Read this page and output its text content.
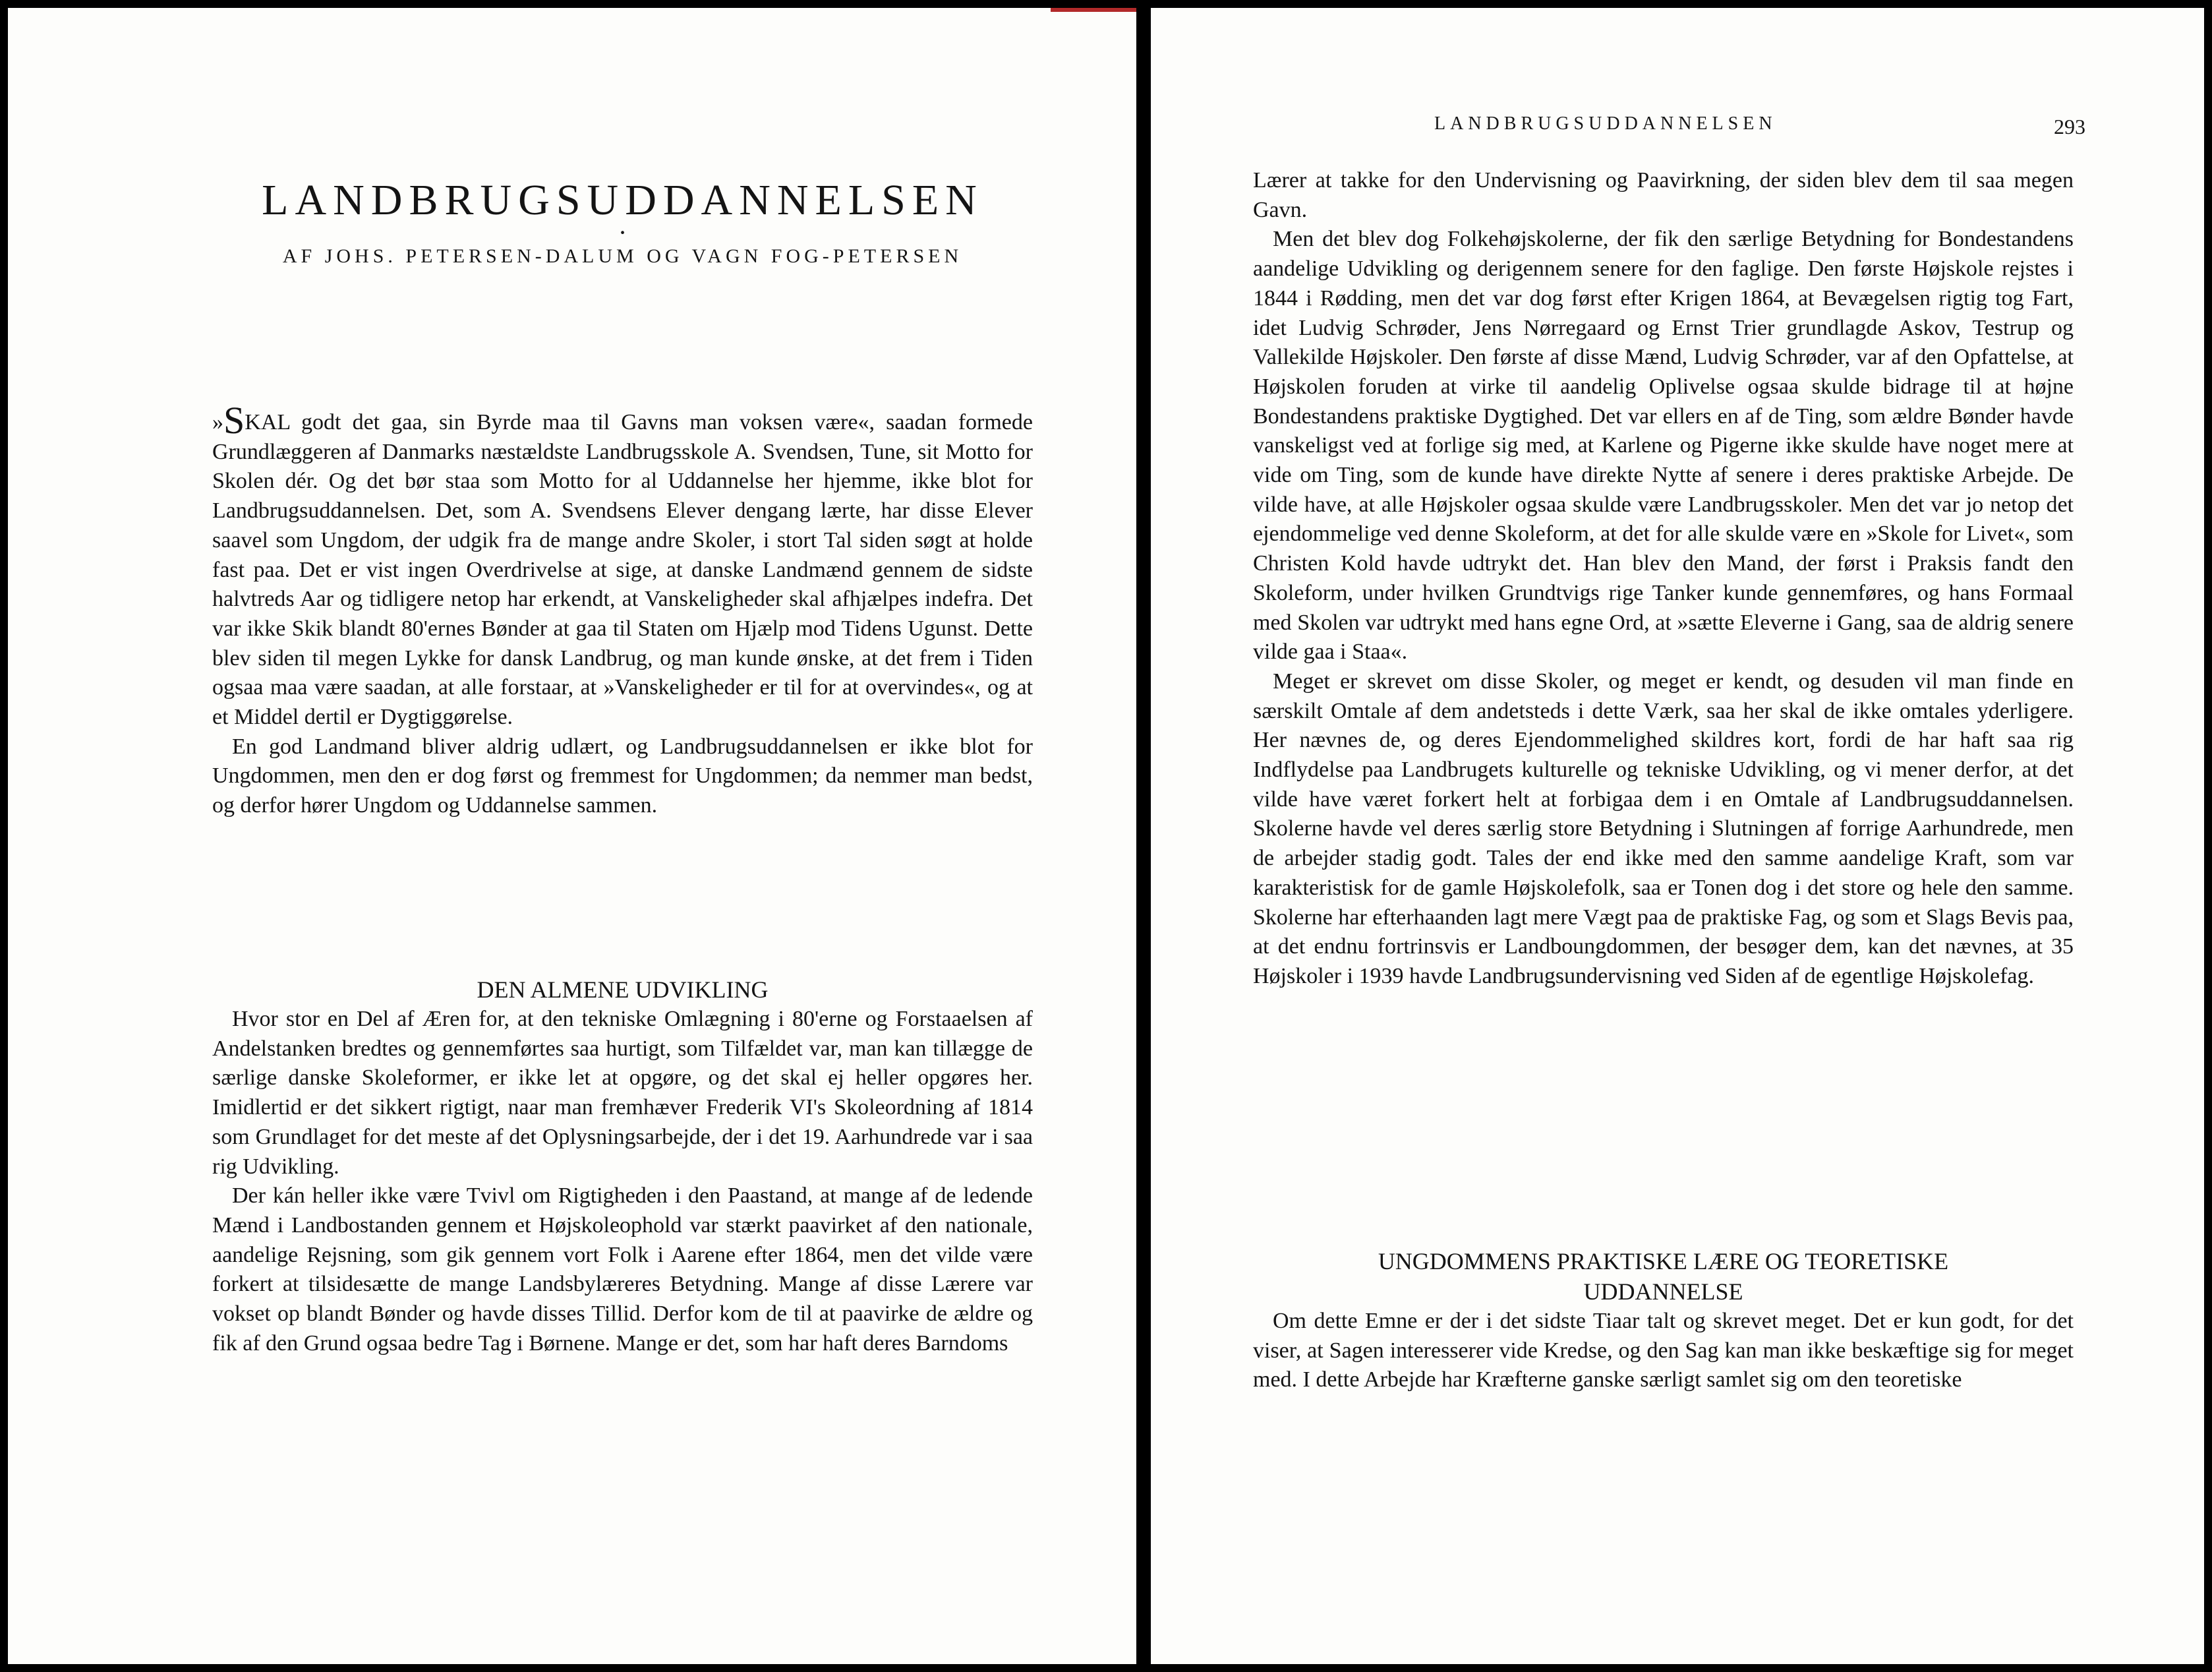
LANDBRUGSUDDANNELSEN
·
AF JOHS. PETERSEN-DALUM OG VAGN FOG-PETERSEN

»SKAL godt det gaa, sin Byrde maa til Gavns man voksen være«, saadan formede Grundlæggeren af Danmarks næstældste Landbrugsskole A. Svendsen, Tune, sit Motto for Skolen dér. Og det bør staa som Motto for al Uddannelse her hjemme, ikke blot for Landbrugsuddannelsen. Det, som A. Svendsens Elever dengang lærte, har disse Elever saavel som Ungdom, der udgik fra de mange andre Skoler, i stort Tal siden søgt at holde fast paa. Det er vist ingen Overdrivelse at sige, at danske Landmænd gennem de sidste halvtreds Aar og tidligere netop har erkendt, at Vanskeligheder skal afhjælpes indefra. Det var ikke Skik blandt 80'ernes Bønder at gaa til Staten om Hjælp mod Tidens Ugunst. Dette blev siden til megen Lykke for dansk Landbrug, og man kunde ønske, at det frem i Tiden ogsaa maa være saadan, at alle forstaar, at »Vanskeligheder er til for at overvindes«, og at et Middel dertil er Dygtiggørelse.

En god Landmand bliver aldrig udlært, og Landbrugsuddannelsen er ikke blot for Ungdommen, men den er dog først og fremmest for Ungdommen; da nemmer man bedst, og derfor hører Ungdom og Uddannelse sammen.

DEN ALMENE UDVIKLING

Hvor stor en Del af Æren for, at den tekniske Omlægning i 80'erne og Forstaaelsen af Andelstanken bredtes og gennemførtes saa hurtigt, som Tilfældet var, man kan tillægge de særlige danske Skoleformer, er ikke let at opgøre, og det skal ej heller opgøres her. Imidlertid er det sikkert rigtigt, naar man fremhæver Frederik VI's Skoleordning af 1814 som Grundlaget for det meste af det Oplysningsarbejde, der i det 19. Aarhundrede var i saa rig Udvikling.

Der kán heller ikke være Tvivl om Rigtigheden i den Paastand, at mange af de ledende Mænd i Landbostanden gennem et Højskoleophold var stærkt paavirket af den nationale, aandelige Rejsning, som gik gennem vort Folk i Aarene efter 1864, men det vilde være forkert at tilsidesætte de mange Landsbylæreres Betydning. Mange af disse Lærere var vokset op blandt Bønder og havde disses Tillid. Derfor kom de til at paavirke de ældre og fik af den Grund ogsaa bedre Tag i Børnene. Mange er det, som har haft deres Barndoms

LANDBRUGSUDDANNELSEN	293

Lærer at takke for den Undervisning og Paavirkning, der siden blev dem til saa megen Gavn.

Men det blev dog Folkehøjskolerne, der fik den særlige Betydning for Bondestandens aandelige Udvikling og derigennem senere for den faglige. Den første Højskole rejstes i 1844 i Rødding, men det var dog først efter Krigen 1864, at Bevægelsen rigtig tog Fart, idet Ludvig Schrøder, Jens Nørregaard og Ernst Trier grundlagde Askov, Testrup og Vallekilde Højskoler. Den første af disse Mænd, Ludvig Schrøder, var af den Opfattelse, at Højskolen foruden at virke til aandelig Oplivelse ogsaa skulde bidrage til at højne Bondestandens praktiske Dygtighed. Det var ellers en af de Ting, som ældre Bønder havde vanskeligst ved at forlige sig med, at Karlene og Pigerne ikke skulde have noget mere at vide om Ting, som de kunde have direkte Nytte af senere i deres praktiske Arbejde. De vilde have, at alle Højskoler ogsaa skulde være Landbrugsskoler. Men det var jo netop det ejendommelige ved denne Skoleform, at det for alle skulde være en »Skole for Livet«, som Christen Kold havde udtrykt det. Han blev den Mand, der først i Praksis fandt den Skoleform, under hvilken Grundtvigs rige Tanker kunde gennemføres, og hans Formaal med Skolen var udtrykt med hans egne Ord, at »sætte Eleverne i Gang, saa de aldrig senere vilde gaa i Staa«.

Meget er skrevet om disse Skoler, og meget er kendt, og desuden vil man finde en særskilt Omtale af dem andetsteds i dette Værk, saa her skal de ikke omtales yderligere. Her nævnes de, og deres Ejendommelighed skildres kort, fordi de har haft saa rig Indflydelse paa Landbrugets kulturelle og tekniske Udvikling, og vi mener derfor, at det vilde have været forkert helt at forbigaa dem i en Omtale af Landbrugsuddannelsen. Skolerne havde vel deres særlig store Betydning i Slutningen af forrige Aarhundrede, men de arbejder stadig godt. Tales der end ikke med den samme aandelige Kraft, som var karakteristisk for de gamle Højskolefolk, saa er Tonen dog i det store og hele den samme. Skolerne har efterhaanden lagt mere Vægt paa de praktiske Fag, og som et Slags Bevis paa, at det endnu fortrinsvis er Landboungdommen, der besøger dem, kan det nævnes, at 35 Højskoler i 1939 havde Landbrugsundervisning ved Siden af de egentlige Højskolefag.

UNGDOMMENS PRAKTISKE LÆRE OG TEORETISKE
UDDANNELSE

Om dette Emne er der i det sidste Tiaar talt og skrevet meget. Det er kun godt, for det viser, at Sagen interesserer vide Kredse, og den Sag kan man ikke beskæftige sig for meget med. I dette Arbejde har Kræfterne ganske særligt samlet sig om den teoretiske
